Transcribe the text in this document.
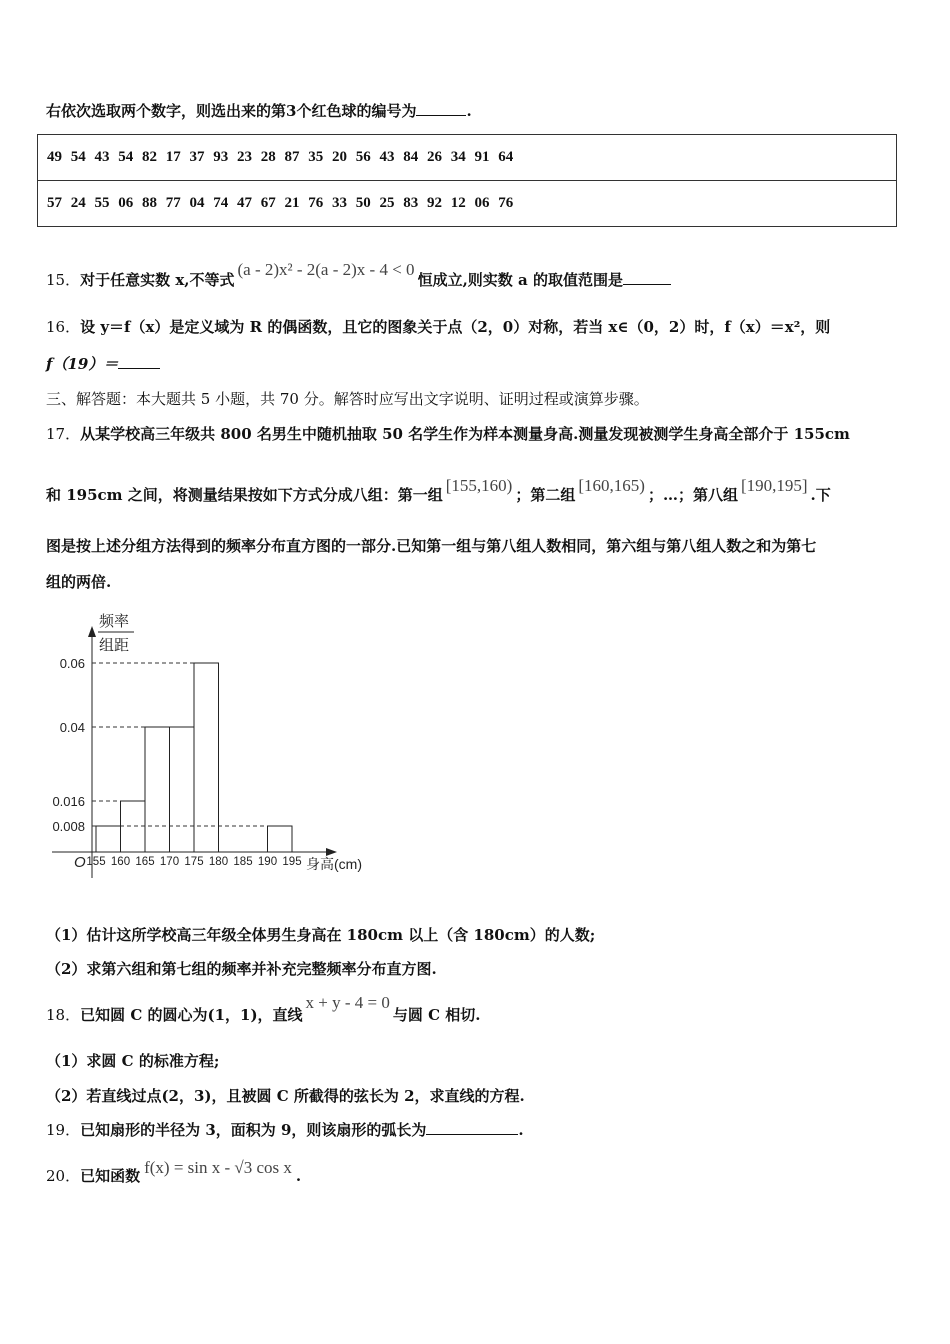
右依次选取两个数字，则选出来的第3个红色球的编号为	.
49 54 43 54 82 17 37 93 23 28 87 35 20 56 43 84 26 34 91 64
57 24 55 06 88 77 04 74 47 67 21 76 33 50 25 83 92 12 06 76
15．对于任意实数 x,不等式(a - 2)x² - 2(a - 2)x - 4 < 0恒成立,则实数 a 的取值范围是
16．设 y＝f（x）是定义域为 R 的偶函数，且它的图象关于点（2，0）对称，若当 x∈（0，2）时，f（x）＝x²，则
f（19）＝
三、解答题：本大题共 5 小题，共 70 分。解答时应写出文字说明、证明过程或演算步骤。
17．从某学校高三年级共 800 名男生中随机抽取 50 名学生作为样本测量身高.测量发现被测学生身高全部介于 155cm
和 195cm 之间，将测量结果按如下方式分成八组：第一组 [155,160) ；第二组 [160,165) ；…；第八组 [190,195] .下
图是按上述分组方法得到的频率分布直方图的一部分.已知第一组与第八组人数相同，第六组与第八组人数之和为第七
组的两倍.
频率
组距
O	身高(cm)
0.06
0.04
0.016
0.008
155 160 165 170 175 180 185 190 195
（1）估计这所学校高三年级全体男生身高在 180cm 以上（含 180cm）的人数;
（2）求第六组和第七组的频率并补充完整频率分布直方图.
18．已知圆 C 的圆心为(1，1)，直线x + y - 4 = 0与圆 C 相切.
（1）求圆 C 的标准方程;
（2）若直线过点(2，3)，且被圆 C 所截得的弦长为 2，求直线的方程.
19．已知扇形的半径为 3，面积为 9，则该扇形的弧长为	.
20．已知函数 f(x) = sin x - √3 cos x .
